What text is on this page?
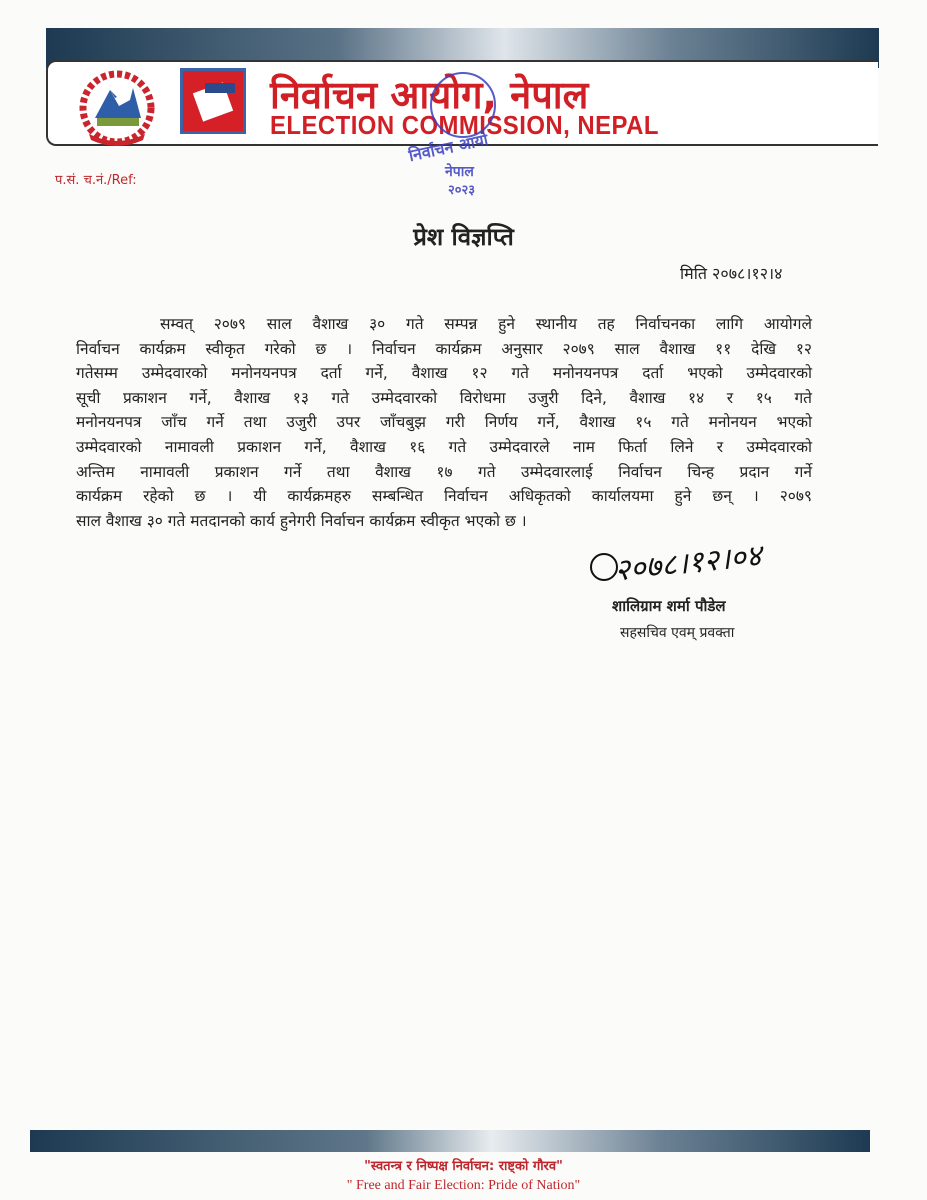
निर्वाचन आयोग, नेपाल
ELECTION COMMISSION, NEPAL
निर्वाचन आयो
नेपाल
२०२३
प.सं. च.नं./Ref:
प्रेश विज्ञप्ति
मिति २०७८।१२।४
सम्वत् २०७९ साल वैशाख ३० गते सम्पन्न हुने स्थानीय तह निर्वाचनका लागि आयोगले
निर्वाचन कार्यक्रम स्वीकृत गरेको छ । निर्वाचन कार्यक्रम अनुसार २०७९ साल वैशाख ११ देखि १२
गतेसम्म उम्मेदवारको मनोनयनपत्र दर्ता गर्ने, वैशाख १२ गते मनोनयनपत्र दर्ता भएको उम्मेदवारको
सूची प्रकाशन गर्ने, वैशाख १३ गते उम्मेदवारको विरोधमा उजुरी दिने, वैशाख १४ र १५ गते
मनोनयनपत्र जाँच गर्ने तथा उजुरी उपर जाँचबुझ गरी निर्णय गर्ने, वैशाख १५ गते मनोनयन भएको
उम्मेदवारको नामावली प्रकाशन गर्ने, वैशाख १६ गते उम्मेदवारले नाम फिर्ता लिने र उम्मेदवारको
अन्तिम नामावली प्रकाशन गर्ने तथा वैशाख १७ गते उम्मेदवारलाई निर्वाचन चिन्ह प्रदान गर्ने
कार्यक्रम रहेको छ । यी कार्यक्रमहरु सम्बन्धित निर्वाचन अधिकृतको कार्यालयमा हुने छन् । २०७९
साल वैशाख ३० गते मतदानको कार्य हुनेगरी निर्वाचन कार्यक्रम स्वीकृत भएको छ ।
२०७८।१२।०४
शालिग्राम शर्मा पौडेल
सहसचिव एवम् प्रवक्ता
"स्वतन्त्र र निष्पक्ष निर्वाचन: राष्ट्को गौरव"
" Free and Fair Election: Pride of Nation"
